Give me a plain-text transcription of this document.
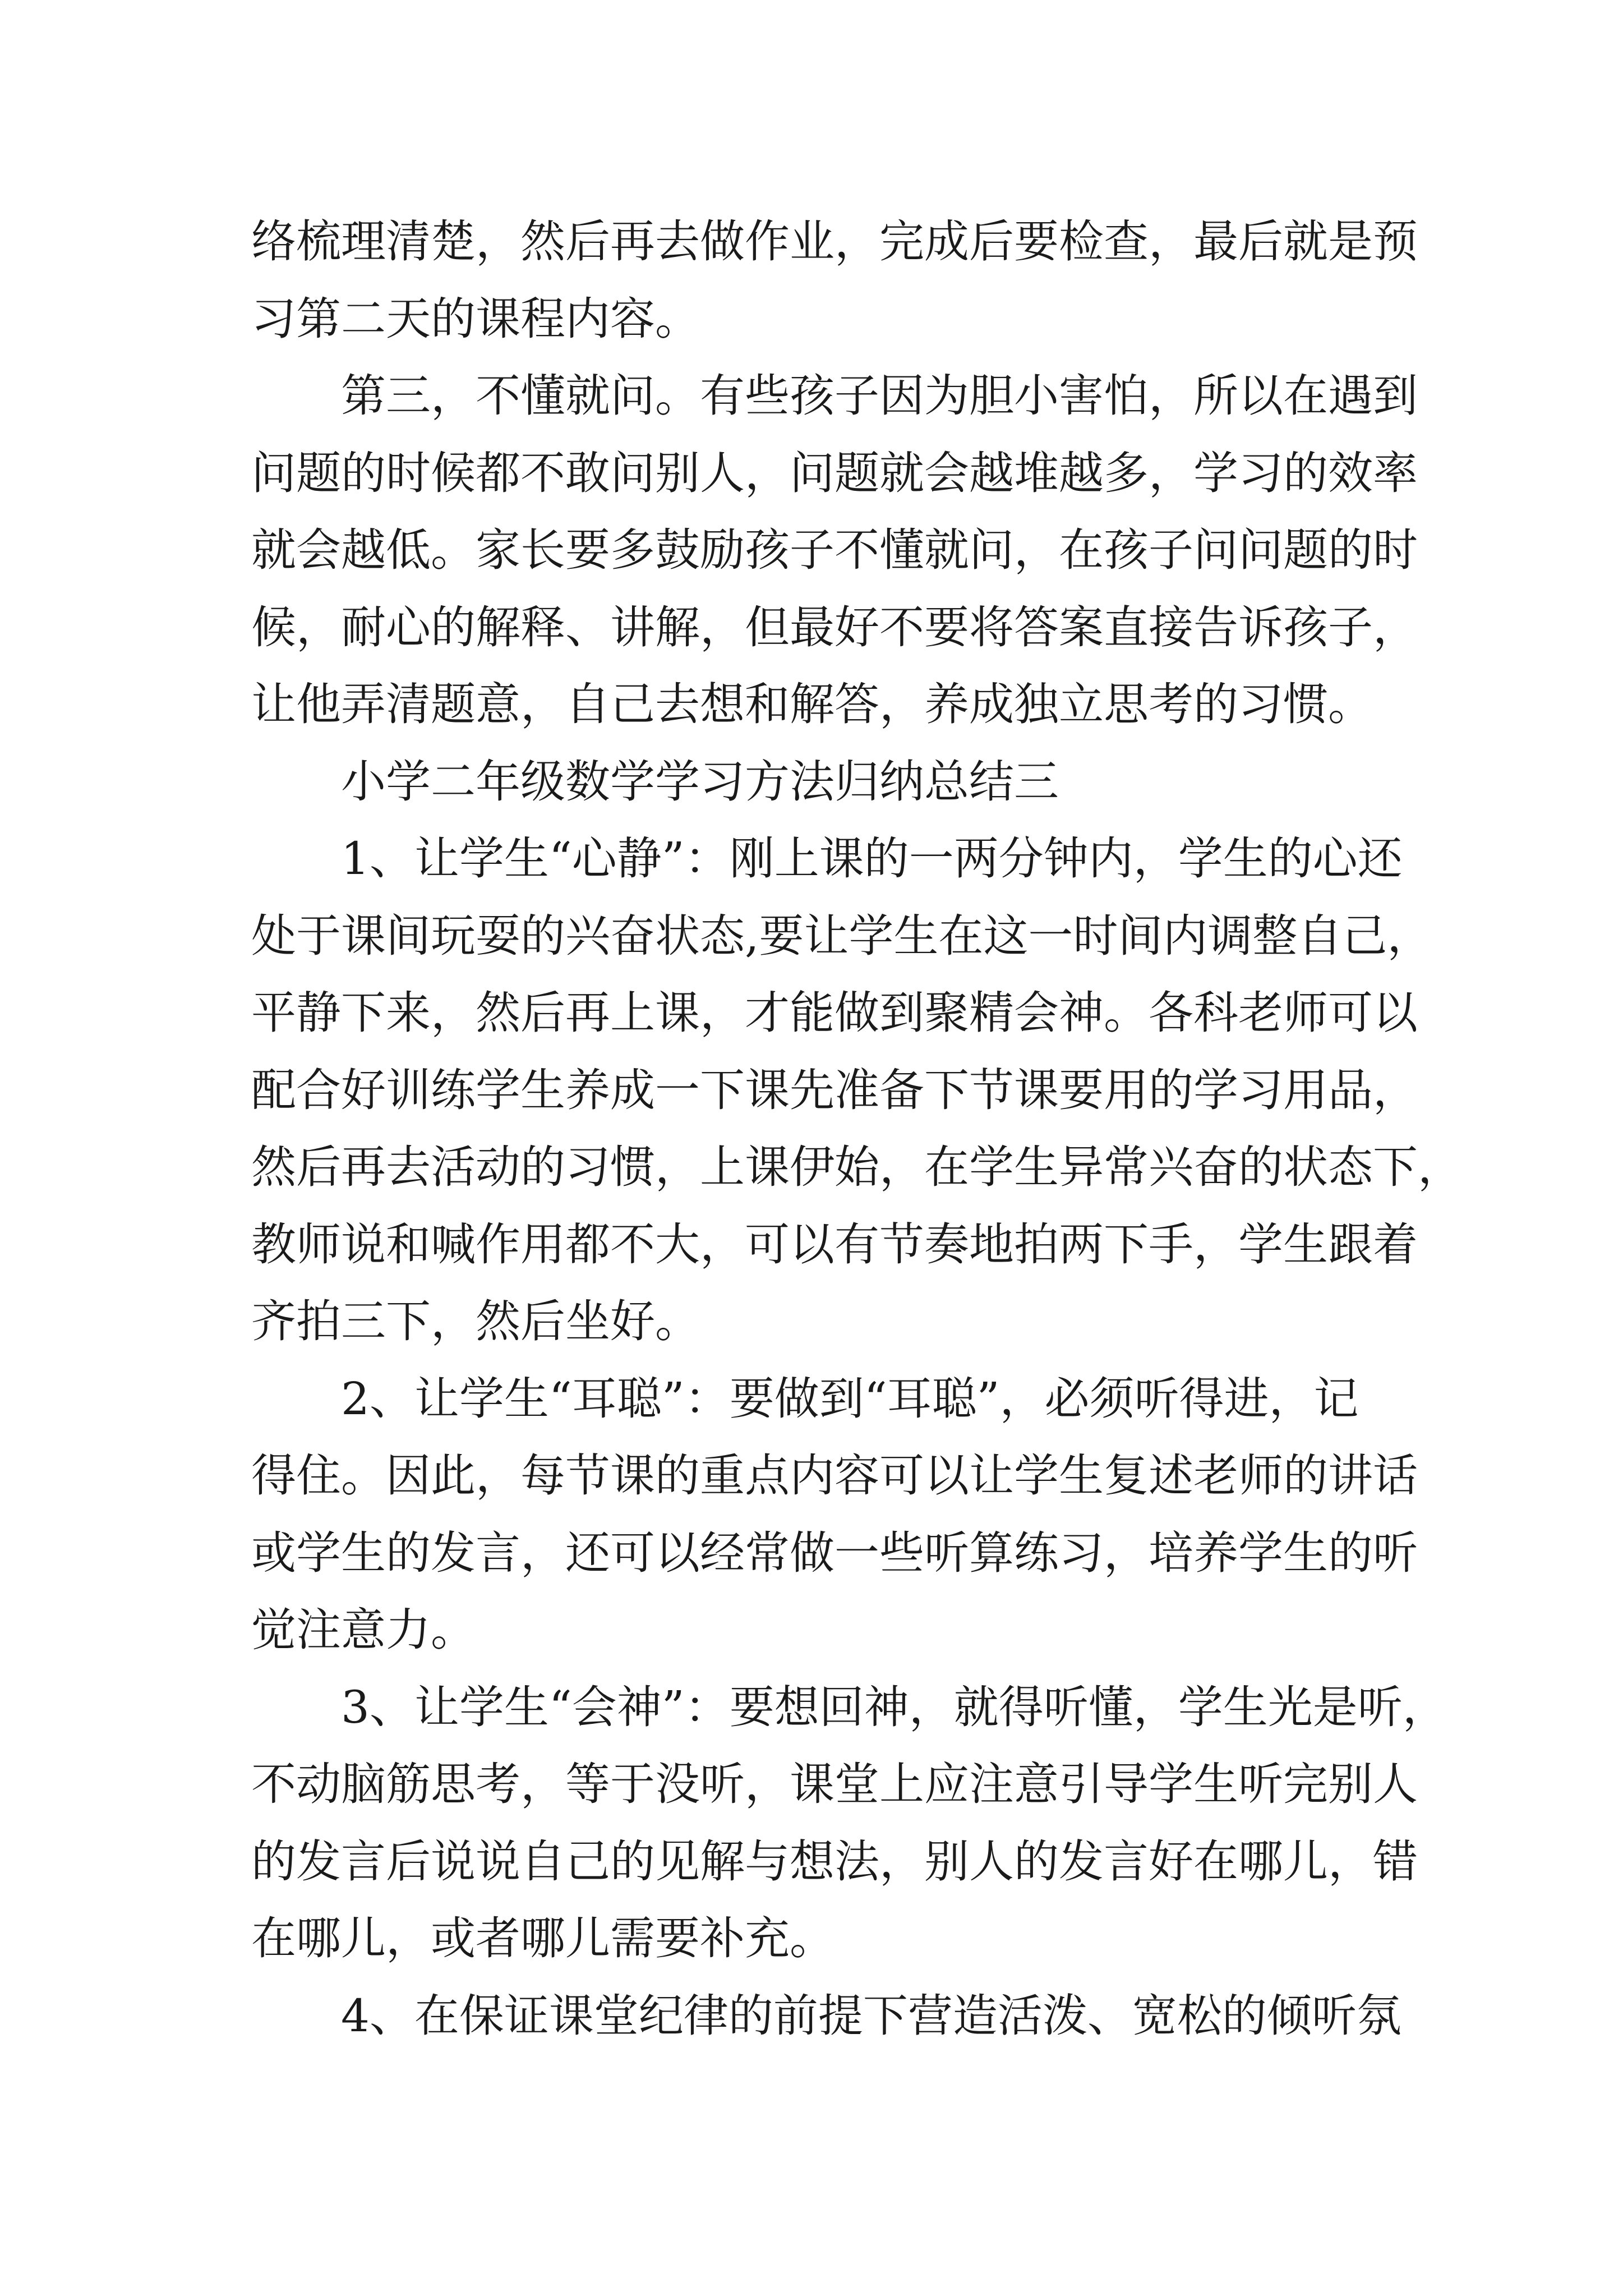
络梳理清楚，然后再去做作业，完成后要检查，最后就是预
习第二天的课程内容。
第三，不懂就问。有些孩子因为胆小害怕，所以在遇到
问题的时候都不敢问别人，问题就会越堆越多，学习的效率
就会越低。家长要多鼓励孩子不懂就问，在孩子问问题的时
候，耐心的解释、讲解，但最好不要将答案直接告诉孩子，
让他弄清题意，自己去想和解答，养成独立思考的习惯。
小学二年级数学学习方法归纳总结三
1、让学生“心静”：刚上课的一两分钟内，学生的心还
处于课间玩耍的兴奋状态,要让学生在这一时间内调整自己，
平静下来，然后再上课，才能做到聚精会神。各科老师可以
配合好训练学生养成一下课先准备下节课要用的学习用品，
然后再去活动的习惯，上课伊始，在学生异常兴奋的状态下，
教师说和喊作用都不大，可以有节奏地拍两下手，学生跟着
齐拍三下，然后坐好。
2、让学生“耳聪”：要做到“耳聪”，必须听得进，记
得住。因此，每节课的重点内容可以让学生复述老师的讲话
或学生的发言，还可以经常做一些听算练习，培养学生的听
觉注意力。
3、让学生“会神”：要想回神，就得听懂，学生光是听，
不动脑筋思考，等于没听，课堂上应注意引导学生听完别人
的发言后说说自己的见解与想法，别人的发言好在哪儿，错
在哪儿，或者哪儿需要补充。
4、在保证课堂纪律的前提下营造活泼、宽松的倾听氛
